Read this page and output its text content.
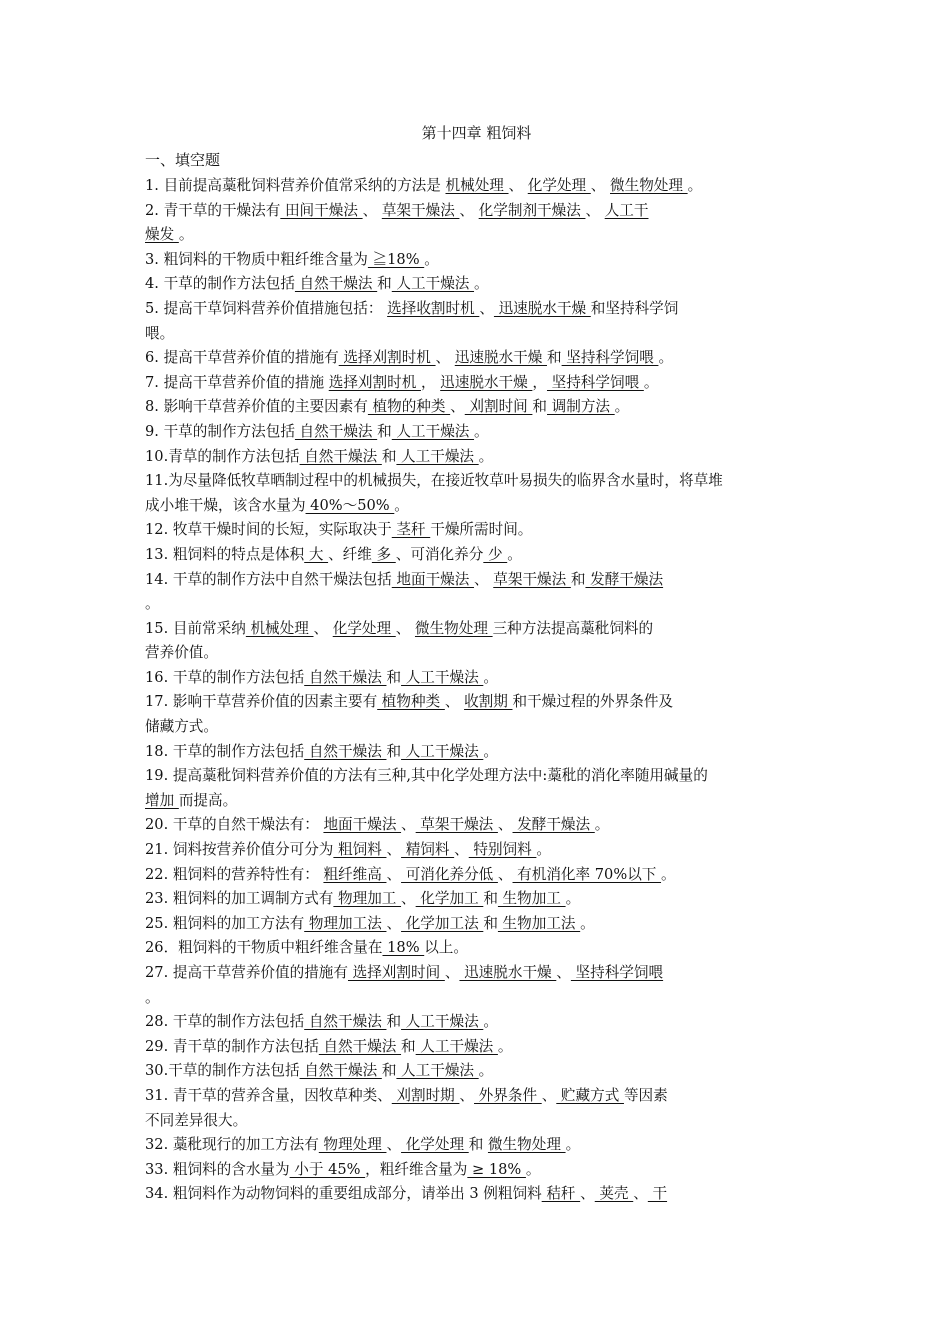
第十四章 粗饲料
一、填空题

1. 目前提高藁秕饲料营养价值常采纳的方法是 机械处理 、 化学处理 、 微生物处理 。

2. 青干草的干燥法有 田间干燥法 、 草架干燥法 、 化学制剂干燥法 、 人工干

燥发 。

3. 粗饲料的干物质中粗纤维含量为 ≧18% 。

4. 干草的制作方法包括 自然干燥法 和 人工干燥法 。

5. 提高干草饲料营养价值措施包括： 选择收割时机 、 迅速脱水干燥 和坚持科学饲

喂。

6. 提高干草营养价值的措施有 选择刈割时机 、 迅速脱水干燥 和 坚持科学饲喂 。

7. 提高干草营养价值的措施 选择刈割时机 ， 迅速脱水干燥 ， 坚持科学饲喂 。

8. 影响干草营养价值的主要因素有 植物的种类 、 刈割时间 和 调制方法 。

9. 干草的制作方法包括 自然干燥法 和 人工干燥法 。

10.青草的制作方法包括 自然干燥法 和 人工干燥法 。

11.为尽量降低牧草晒制过程中的机械损失，在接近牧草叶易损失的临界含水量时，将草堆

成小堆干燥，该含水量为 40%～50% 。

12. 牧草干燥时间的长短，实际取决于 茎秆 干燥所需时间。

13. 粗饲料的特点是体积 大 、纤维 多 、可消化养分 少 。

14. 干草的制作方法中自然干燥法包括 地面干燥法 、 草架干燥法 和 发酵干燥法

。

15. 目前常采纳 机械处理 、 化学处理 、 微生物处理 三种方法提高藁秕饲料的

营养价值。

16. 干草的制作方法包括 自然干燥法 和 人工干燥法 。

17. 影响干草营养价值的因素主要有 植物种类 、 收割期 和干燥过程的外界条件及

储藏方式。

18. 干草的制作方法包括 自然干燥法 和 人工干燥法 。

19. 提高藁秕饲料营养价值的方法有三种,其中化学处理方法中:藁秕的消化率随用碱量的

增加 而提高。

20. 干草的自然干燥法有： 地面干燥法 、 草架干燥法 、 发酵干燥法 。

21. 饲料按营养价值分可分为 粗饲料 、 精饲料 、 特别饲料 。

22. 粗饲料的营养特性有： 粗纤维高 、 可消化养分低 、 有机消化率 70%以下 。

23. 粗饲料的加工调制方式有 物理加工 、 化学加工 和 生物加工 。

25. 粗饲料的加工方法有 物理加工法 、 化学加工法 和 生物加工法 。

26．粗饲料的干物质中粗纤维含量在 18% 以上。

27. 提高干草营养价值的措施有 选择刈割时间 、 迅速脱水干燥 、 坚持科学饲喂

。

28. 干草的制作方法包括 自然干燥法 和 人工干燥法 。

29. 青干草的制作方法包括 自然干燥法 和 人工干燥法 。

30.干草的制作方法包括 自然干燥法 和 人工干燥法 。

31. 青干草的营养含量，因牧草种类、 刈割时期 、 外界条件 、 贮藏方式 等因素

不同差异很大。

32. 藁秕现行的加工方法有 物理处理 、 化学处理 和 微生物处理 。

33. 粗饲料的含水量为 小于 45% ，粗纤维含量为 ≥ 18% 。

34. 粗饲料作为动物饲料的重要组成部分，请举出 3 例粗饲料 秸秆 、 荚壳 、 干
